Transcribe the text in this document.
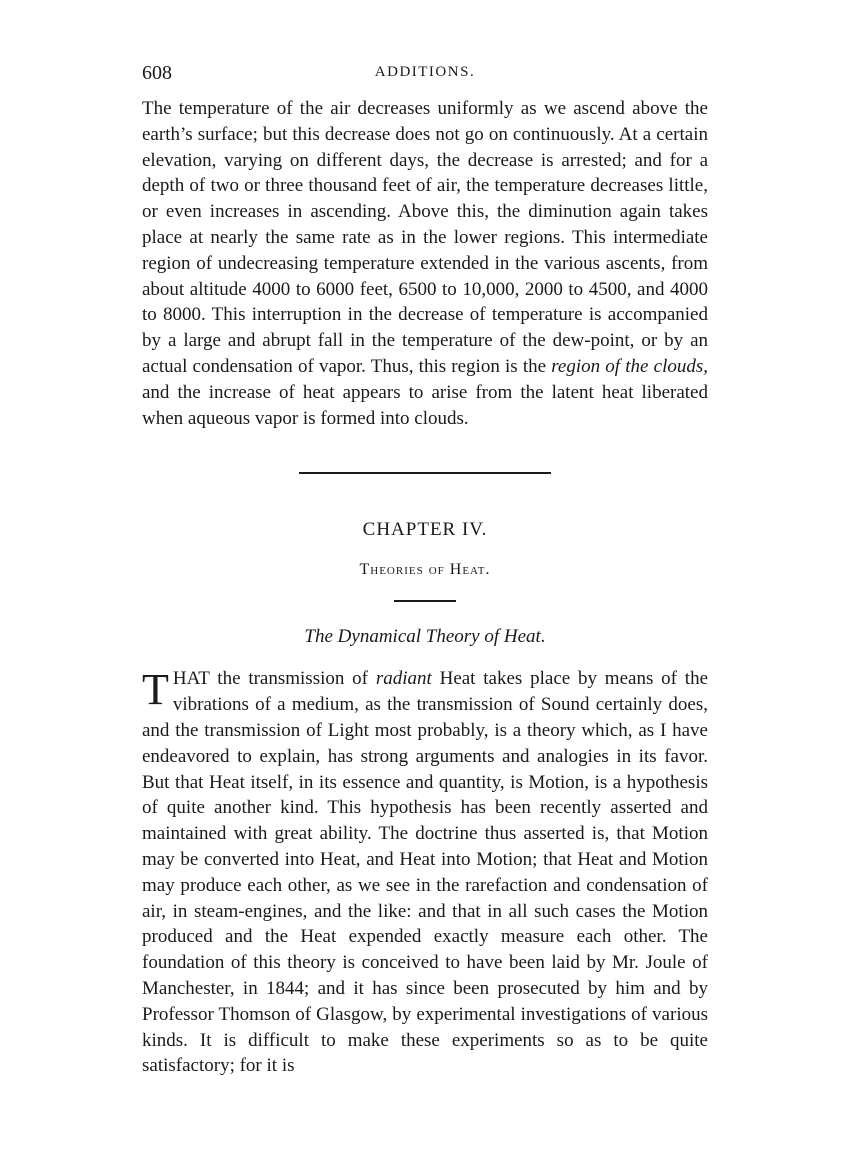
608	ADDITIONS.

The temperature of the air decreases uniformly as we ascend above the earth’s surface; but this decrease does not go on continuously. At a certain elevation, varying on different days, the decrease is arrested; and for a depth of two or three thousand feet of air, the temperature decreases little, or even increases in ascending. Above this, the diminution again takes place at nearly the same rate as in the lower regions. This intermediate region of undecreasing temperature extended in the various ascents, from about altitude 4000 to 6000 feet, 6500 to 10,000, 2000 to 4500, and 4000 to 8000. This interruption in the decrease of temperature is accompanied by a large and abrupt fall in the temperature of the dew-point, or by an actual condensation of vapor. Thus, this region is the region of the clouds, and the increase of heat appears to arise from the latent heat liberated when aqueous vapor is formed into clouds.

CHAPTER IV.
Theories of Heat.
The Dynamical Theory of Heat.

THAT the transmission of radiant Heat takes place by means of the vibrations of a medium, as the transmission of Sound certainly does, and the transmission of Light most probably, is a theory which, as I have endeavored to explain, has strong arguments and analogies in its favor. But that Heat itself, in its essence and quantity, is Motion, is a hypothesis of quite another kind. This hypothesis has been recently asserted and maintained with great ability. The doctrine thus asserted is, that Motion may be converted into Heat, and Heat into Motion; that Heat and Motion may produce each other, as we see in the rarefaction and condensation of air, in steam-engines, and the like: and that in all such cases the Motion produced and the Heat expended exactly measure each other. The foundation of this theory is conceived to have been laid by Mr. Joule of Manchester, in 1844; and it has since been prosecuted by him and by Professor Thomson of Glasgow, by experimental investigations of various kinds. It is difficult to make these experiments so as to be quite satisfactory; for it is
